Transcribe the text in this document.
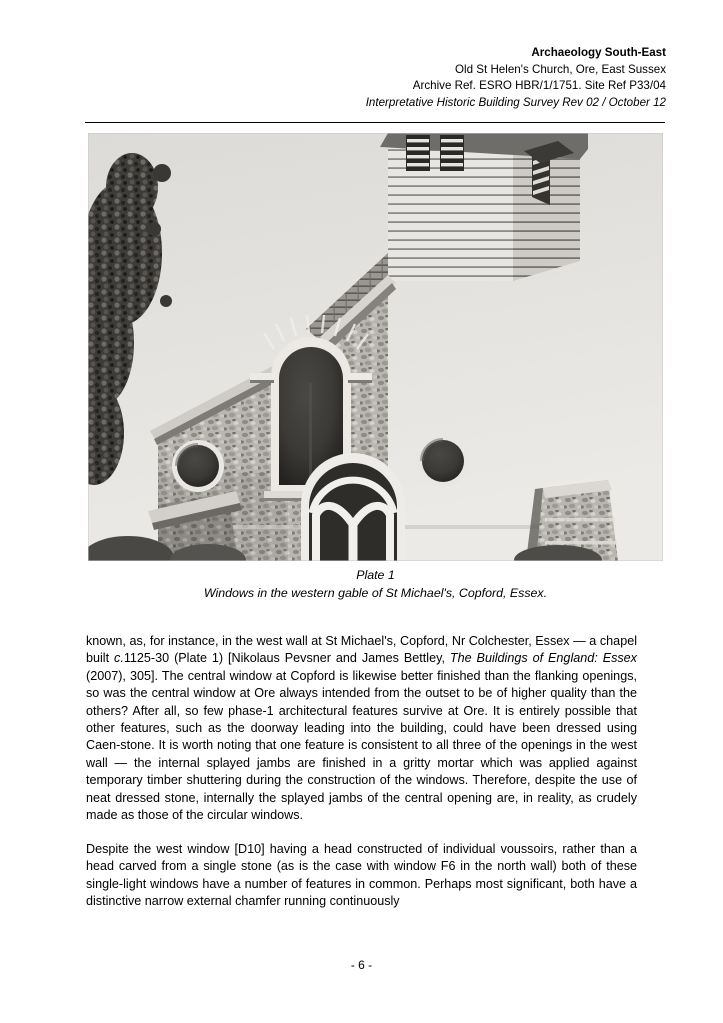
Archaeology South-East
Old St Helen's Church, Ore, East Sussex
Archive Ref. ESRO HBR/1/1751. Site Ref P33/04
Interpretative Historic Building Survey Rev 02 / October 12
Plate 1
Windows in the western gable of St Michael's, Copford, Essex.

known, as, for instance, in the west wall at St Michael's, Copford, Nr Colchester, Essex — a chapel built c.1125-30 (Plate 1) [Nikolaus Pevsner and James Bettley, The Buildings of England: Essex (2007), 305]. The central window at Copford is likewise better finished than the flanking openings, so was the central window at Ore always intended from the outset to be of higher quality than the others? After all, so few phase-1 architectural features survive at Ore. It is entirely possible that other features, such as the doorway leading into the building, could have been dressed using Caen-stone. It is worth noting that one feature is consistent to all three of the openings in the west wall — the internal splayed jambs are finished in a gritty mortar which was applied against temporary timber shuttering during the construction of the windows. Therefore, despite the use of neat dressed stone, internally the splayed jambs of the central opening are, in reality, as crudely made as those of the circular windows.

Despite the west window [D10] having a head constructed of individual voussoirs, rather than a head carved from a single stone (as is the case with window F6 in the north wall) both of these single-light windows have a number of features in common. Perhaps most significant, both have a distinctive narrow external chamfer running continuously

- 6 -
